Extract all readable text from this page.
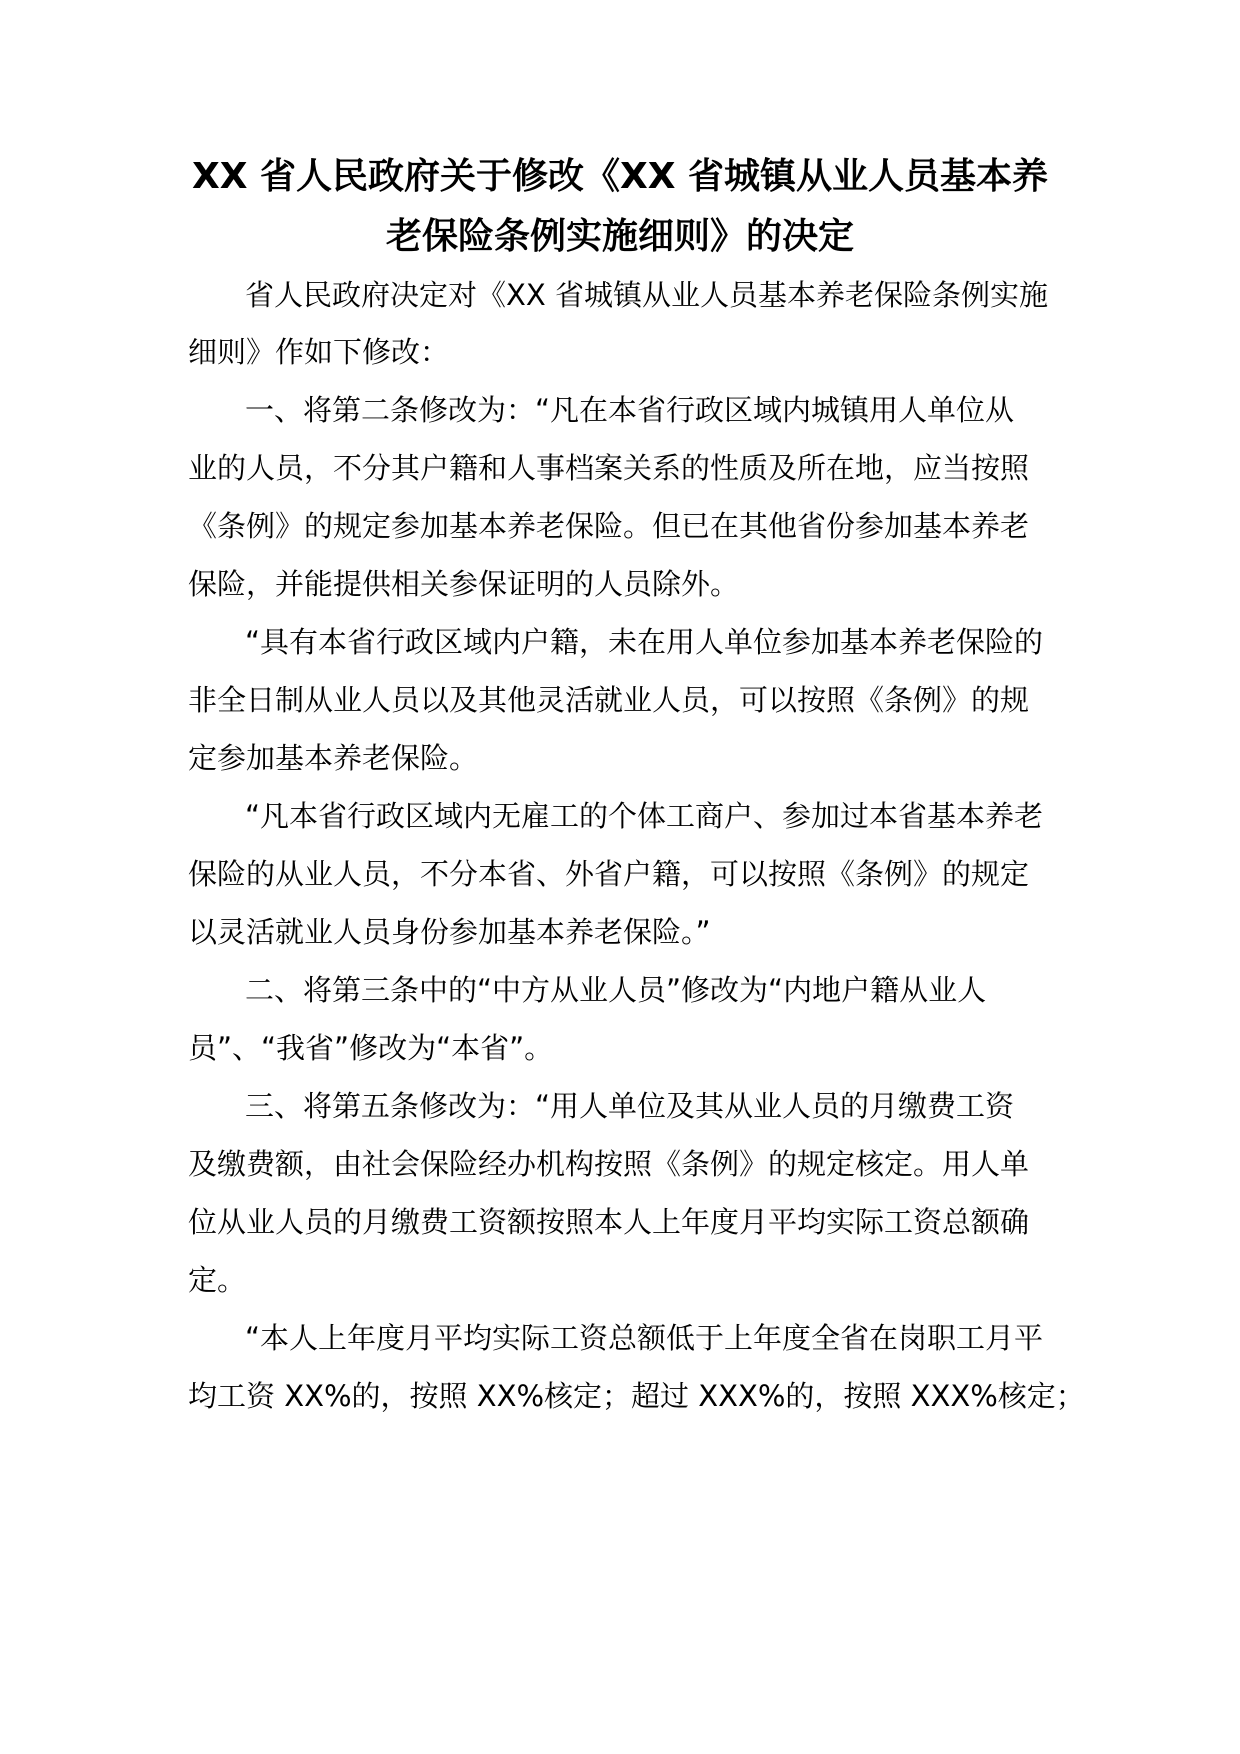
XX 省人民政府关于修改《XX 省城镇从业人员基本养
老保险条例实施细则》的决定
省人民政府决定对《XX 省城镇从业人员基本养老保险条例实施
细则》作如下修改：
一、将第二条修改为：“凡在本省行政区域内城镇用人单位从
业的人员，不分其户籍和人事档案关系的性质及所在地，应当按照
《条例》的规定参加基本养老保险。但已在其他省份参加基本养老
保险，并能提供相关参保证明的人员除外。
“具有本省行政区域内户籍，未在用人单位参加基本养老保险的
非全日制从业人员以及其他灵活就业人员，可以按照《条例》的规
定参加基本养老保险。
“凡本省行政区域内无雇工的个体工商户、参加过本省基本养老
保险的从业人员，不分本省、外省户籍，可以按照《条例》的规定
以灵活就业人员身份参加基本养老保险。”
二、将第三条中的“中方从业人员”修改为“内地户籍从业人
员”、“我省”修改为“本省”。
三、将第五条修改为：“用人单位及其从业人员的月缴费工资
及缴费额，由社会保险经办机构按照《条例》的规定核定。用人单
位从业人员的月缴费工资额按照本人上年度月平均实际工资总额确
定。
“本人上年度月平均实际工资总额低于上年度全省在岗职工月平
均工资 XX%的，按照 XX%核定；超过 XXX%的，按照 XXX%核定；
